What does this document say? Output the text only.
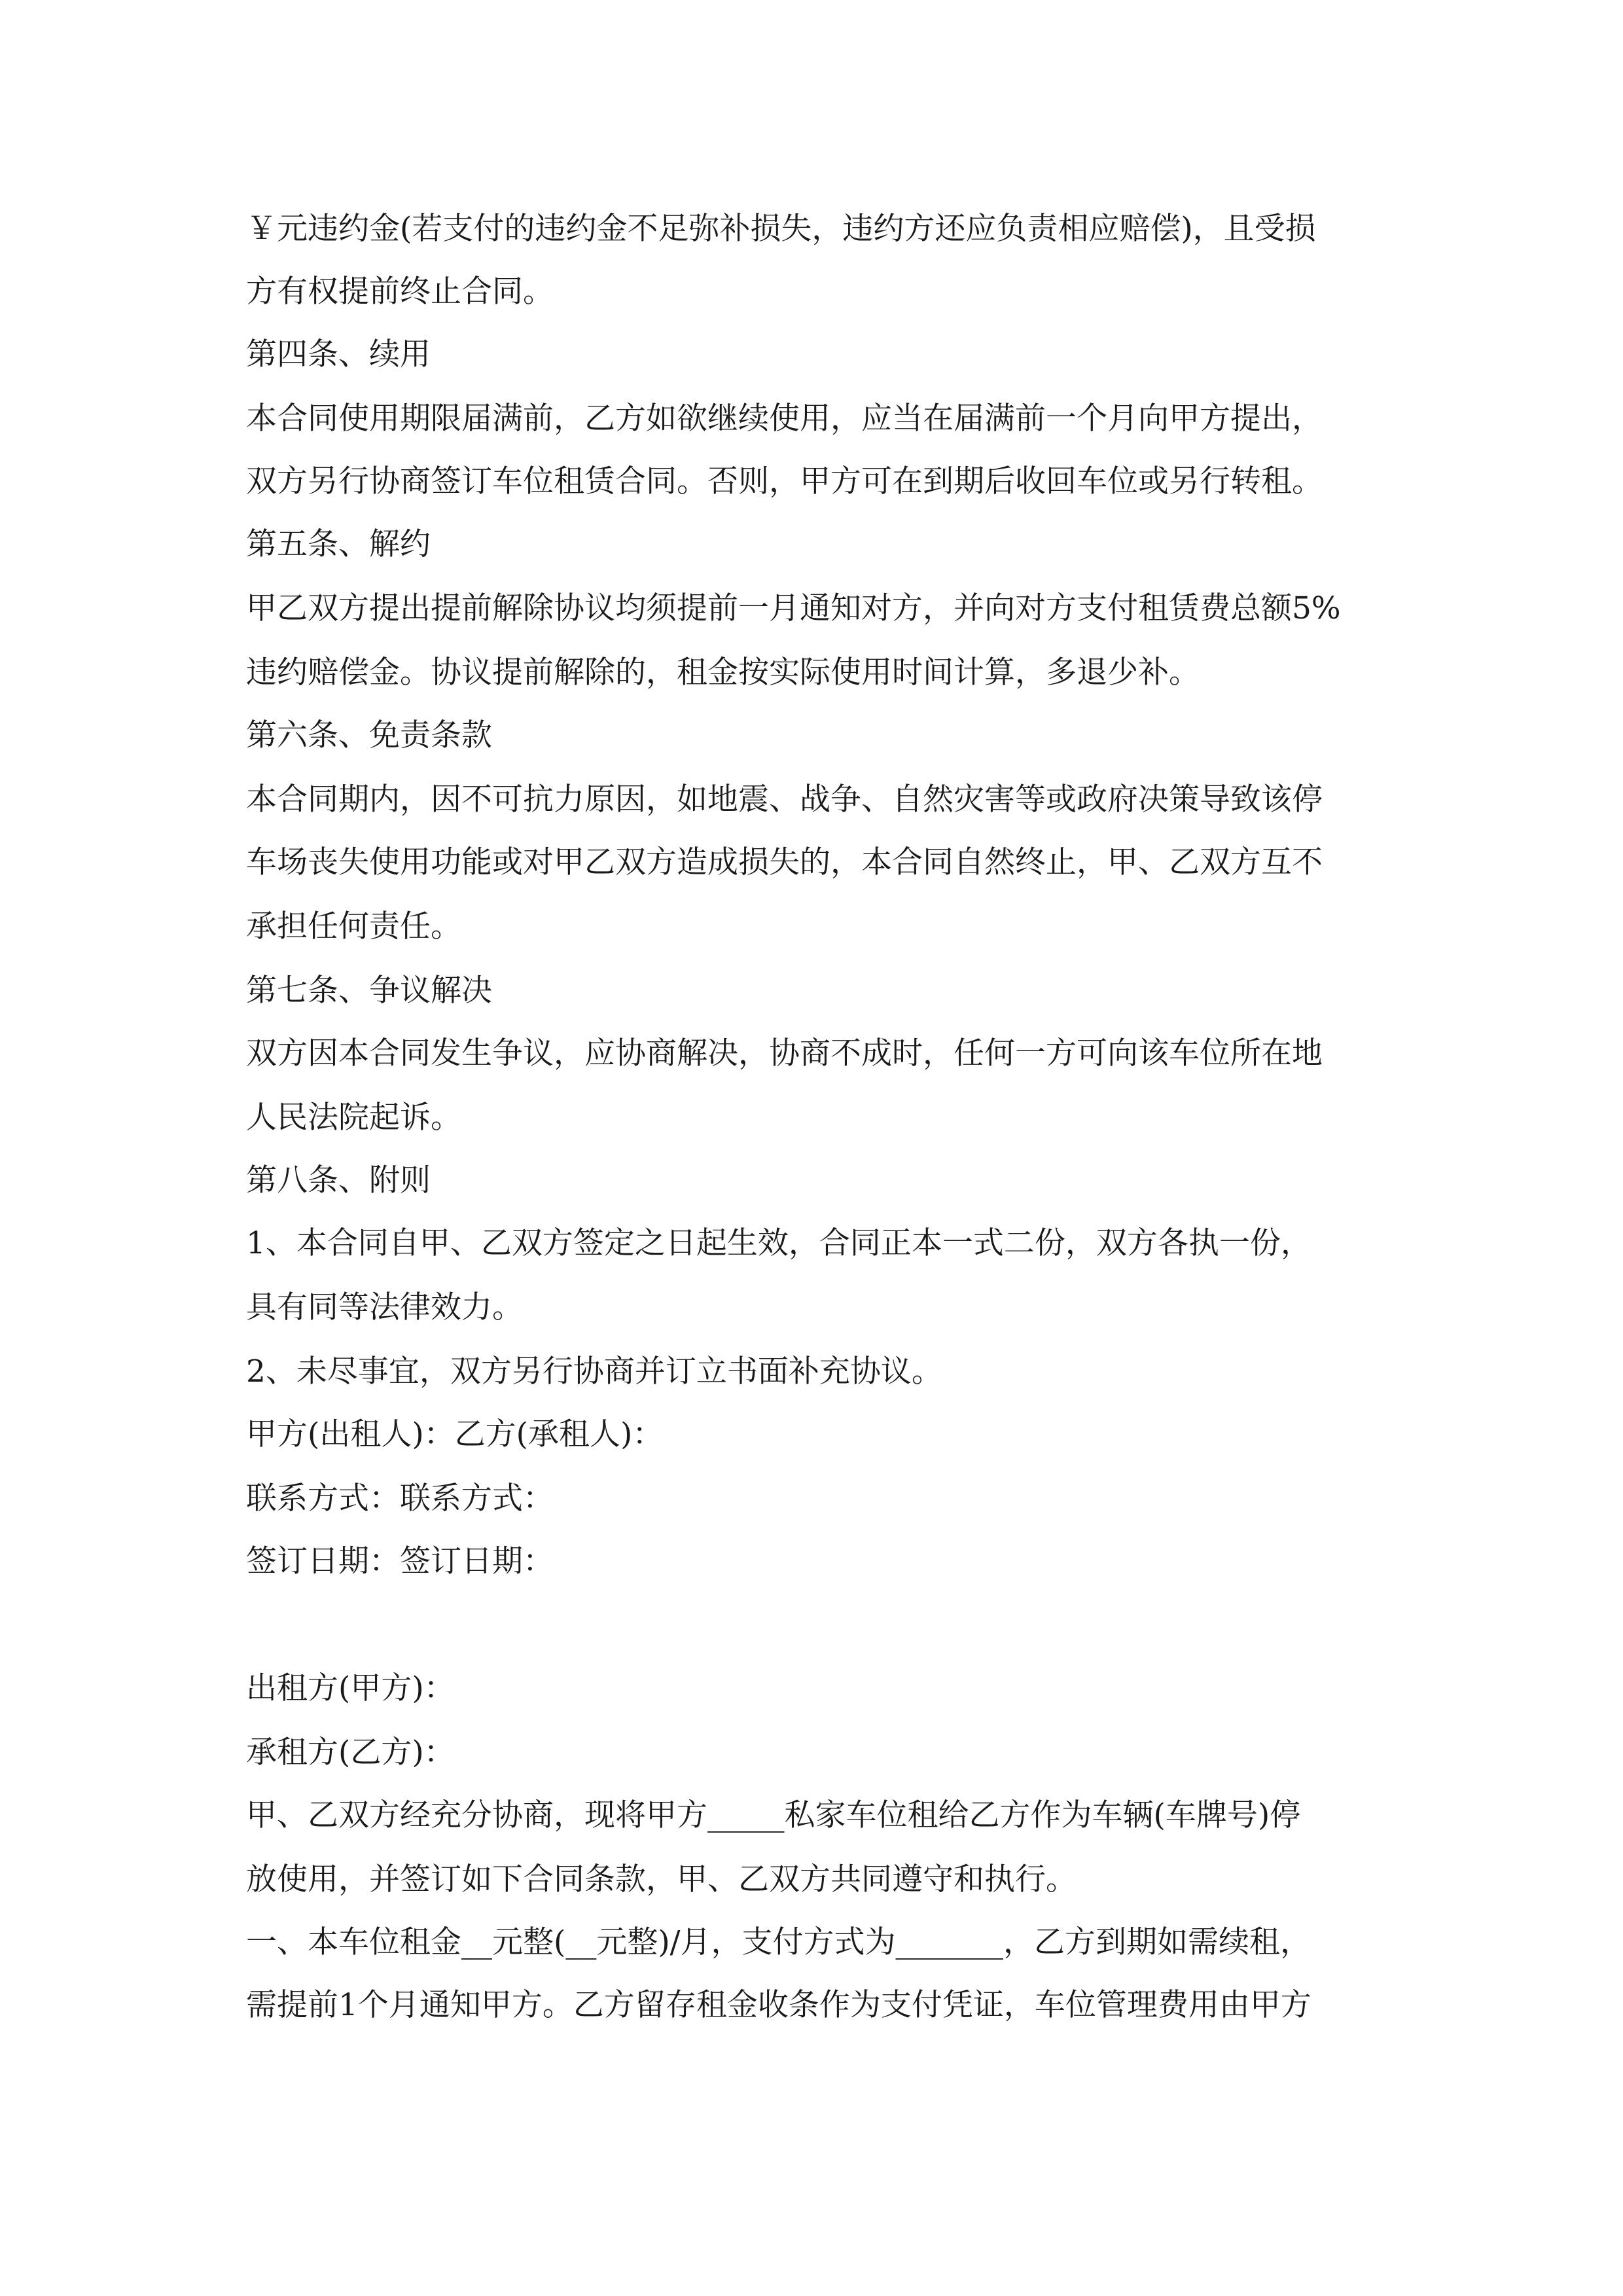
￥元违约金(若支付的违约金不足弥补损失，违约方还应负责相应赔偿)，且受损

方有权提前终止合同。

第四条、续用

本合同使用期限届满前，乙方如欲继续使用，应当在届满前一个月向甲方提出，

双方另行协商签订车位租赁合同。否则，甲方可在到期后收回车位或另行转租。

第五条、解约

甲乙双方提出提前解除协议均须提前一月通知对方，并向对方支付租赁费总额5%

违约赔偿金。协议提前解除的，租金按实际使用时间计算，多退少补。

第六条、免责条款

本合同期内，因不可抗力原因，如地震、战争、自然灾害等或政府决策导致该停

车场丧失使用功能或对甲乙双方造成损失的，本合同自然终止，甲、乙双方互不

承担任何责任。

第七条、争议解决

双方因本合同发生争议，应协商解决，协商不成时，任何一方可向该车位所在地

人民法院起诉。

第八条、附则

1、本合同自甲、乙双方签定之日起生效，合同正本一式二份，双方各执一份，

具有同等法律效力。

2、未尽事宜，双方另行协商并订立书面补充协议。

甲方(出租人)：乙方(承租人)：

联系方式：联系方式：

签订日期：签订日期：

出租方(甲方)：

承租方(乙方)：

甲、乙双方经充分协商，现将甲方_____私家车位租给乙方作为车辆(车牌号)停

放使用，并签订如下合同条款，甲、乙双方共同遵守和执行。

一、本车位租金__元整(__元整)/月，支付方式为_______，乙方到期如需续租，

需提前1个月通知甲方。乙方留存租金收条作为支付凭证，车位管理费用由甲方
